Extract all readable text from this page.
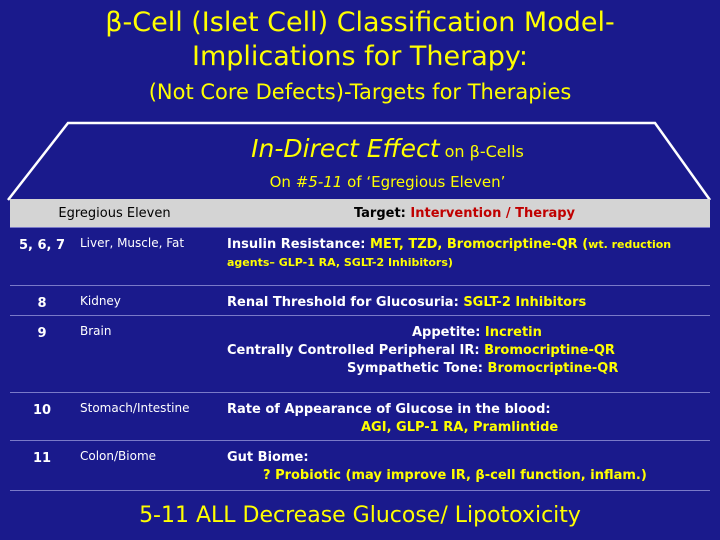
β-Cell (Islet Cell) Classification Model-
Implications for Therapy:
(Not Core Defects)-Targets for Therapies
In-Direct Effect on β-Cells
On #5-11 of ‘Egregious Eleven’
Egregious Eleven		Target: Intervention / Therapy
5, 6, 7	Liver, Muscle, Fat	Insulin Resistance: MET, TZD, Bromocriptine-QR (wt. reduction
agents– GLP-1 RA, SGLT-2 Inhibitors)
8	Kidney	Renal Threshold for Glucosuria: SGLT-2 Inhibitors
9	Brain	Appetite: Incretin
Centrally Controlled Peripheral IR: Bromocriptine-QR
Sympathetic Tone: Bromocriptine-QR

10	Stomach/Intestine	Rate of Appearance of Glucose in the blood:
AGI, GLP-1 RA, Pramlintide

11	Colon/Biome	Gut Biome:
? Probiotic (may improve IR, β-cell function, inflam.)
5-11 ALL Decrease Glucose/ Lipotoxicity
